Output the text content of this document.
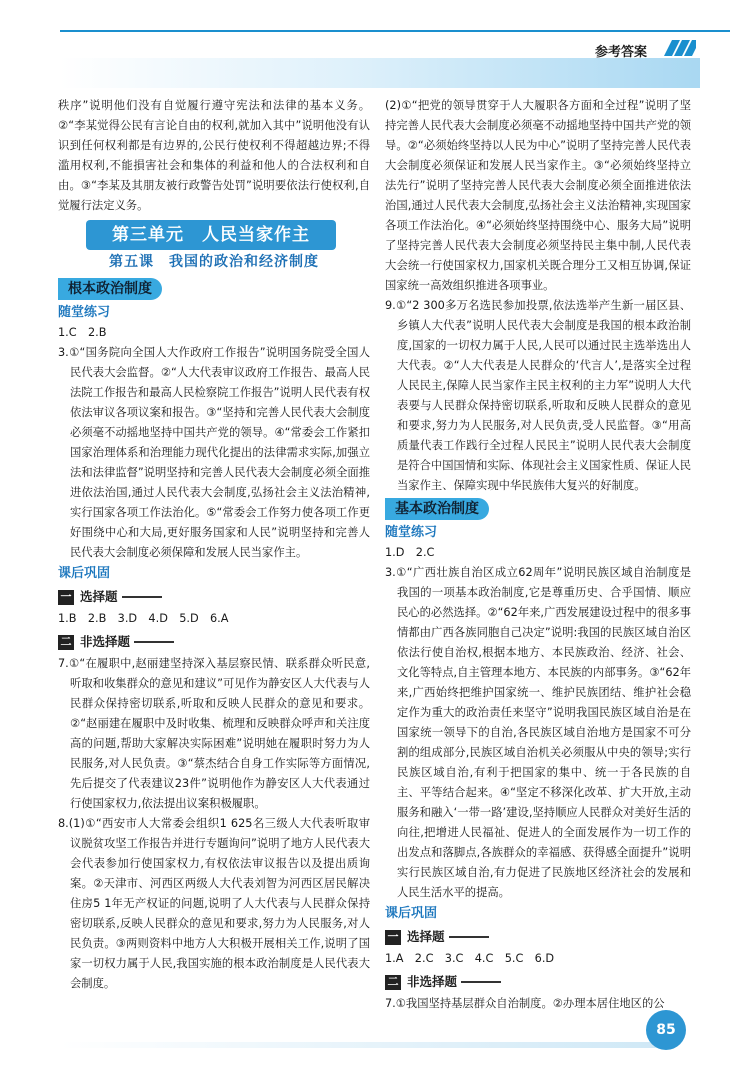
参考答案

秩序”说明他们没有自觉履行遵守宪法和法律的基本义务。②“李某觉得公民有言论自由的权利,就加入其中”说明他没有认识到任何权利都是有边界的,公民行使权利不得超越边界;不得滥用权利,不能損害社会和集体的利益和他人的合法权利和自由。③“李某及其朋友被行政警告处罚”说明要依法行使权利,自觉履行法定义务。

第三单元　人民当家作主
第五课　我国的政治和经济制度
根本政治制度
随堂练习

1.C　2.B

3.①“国务院向全国人大作政府工作报告”说明国务院受全国人民代表大会监督。②“人大代表审议政府工作报告、最高人民法院工作报告和最高人民检察院工作报告”说明人民代表有权依法审议各项议案和报告。③“坚持和完善人民代表大会制度必须毫不动摇地坚持中国共产党的领导。④“常委会工作紧扣国家治理体系和治理能力现代化提出的法律需求实际,加强立法和法律监督”说明坚持和完善人民代表大会制度必须全面推进依法治国,通过人民代表大会制度,弘扬社会主义法治精神,实行国家各项工作法治化。⑤“常委会工作努力使各项工作更好围绕中心和大局,更好服务国家和人民”说明坚持和完善人民代表大会制度必须保障和发展人民当家作主。

课后巩固
一 选择题

1.B　2.B　3.D　4.D　5.D　6.A

二 非选择题

7.①“在履职中,赵丽建坚持深入基层察民情、联系群众听民意,听取和收集群众的意见和建议”可见作为静安区人大代表与人民群众保持密切联系,听取和反映人民群众的意见和要求。②“赵丽建在履职中及时收集、梳理和反映群众呼声和关注度高的问题,帮助大家解决实际困难”说明她在履职时努力为人民服务,对人民负责。③“蔡杰结合自身工作实际等方面情况,先后提交了代表建议23件”说明他作为静安区人大代表通过行使国家权力,依法提出议案积极履职。

8.(1)①“西安市人大常委会组织1 625名三级人大代表听取审议脱贫攻坚工作报告并进行专题询问”说明了地方人民代表大会代表参加行使国家权力,有权依法审议报告以及提出质询案。②天津市、河西区两级人大代表刘智为河西区居民解决住房5 1年无产权证的问题,说明了人大代表与人民群众保持密切联系,反映人民群众的意见和要求,努力为人民服务,对人民负责。③两则资料中地方人大积极开展相关工作,说明了国家一切权力属于人民,我国实施的根本政治制度是人民代表大会制度。

(2)①“把党的领导贯穿于人大履职各方面和全过程”说明了坚持完善人民代表大会制度必须毫不动摇地坚持中国共产党的领导。②“必须始终坚持以人民为中心”说明了坚持完善人民代表大会制度必须保证和发展人民当家作主。③“必须始终坚持立法先行”说明了坚持完善人民代表大会制度必须全面推进依法治国,通过人民代表大会制度,弘扬社会主义法治精神,实现国家各项工作法治化。④“必须始终坚持围绕中心、服务大局”说明了坚持完善人民代表大会制度必须坚持民主集中制,人民代表大会统一行使国家权力,国家机关既合理分工又相互协调,保证国家统一高效组织推进各项事业。

9.①“2 300多万名选民参加投票,依法选举产生新一届区县、乡镇人大代表”说明人民代表大会制度是我国的根本政治制度,国家的一切权力属于人民,人民可以通过民主选举选出人大代表。②“人大代表是人民群众的‘代言人’,是落实全过程人民民主,保障人民当家作主民主权利的主力军”说明人大代表要与人民群众保持密切联系,听取和反映人民群众的意见和要求,努力为人民服务,对人民负责,受人民监督。③“用高质量代表工作践行全过程人民民主”说明人民代表大会制度是符合中国国情和实际、体现社会主义国家性质、保证人民当家作主、保障实现中华民族伟大复兴的好制度。

基本政治制度
随堂练习

1.D　2.C

3.①“广西壮族自治区成立62周年”说明民族区域自治制度是我国的一项基本政治制度,它是尊重历史、合乎国情、顺应民心的必然选择。②“62年来,广西发展建设过程中的很多事情都由广西各族同胞自己决定”说明:我国的民族区域自治区依法行使自治权,根据本地方、本民族政治、经济、社会、文化等特点,自主管理本地方、本民族的内部事务。③“62年来,广西始终把维护国家统一、维护民族团结、维护社会稳定作为重大的政治责任来坚守”说明我国民族区域自治是在国家统一领导下的自治,各民族区域自治地方是国家不可分割的组成部分,民族区域自治机关必须服从中央的领导;实行民族区域自治,有利于把国家的集中、统一于各民族的自主、平等结合起来。④“坚定不移深化改革、扩大开放,主动服务和融入‘一带一路’建设,坚持顺应人民群众对美好生活的向往,把增进人民福祉、促进人的全面发展作为一切工作的出发点和落脚点,各族群众的幸福感、获得感全面提升”说明实行民族区域自治,有力促进了民族地区经济社会的发展和人民生活水平的提高。

课后巩固
一 选择题

1.A　2.C　3.C　4.C　5.C　6.D

二 非选择题

7.①我国坚持基层群众自治制度。②办理本居住地区的公

85
